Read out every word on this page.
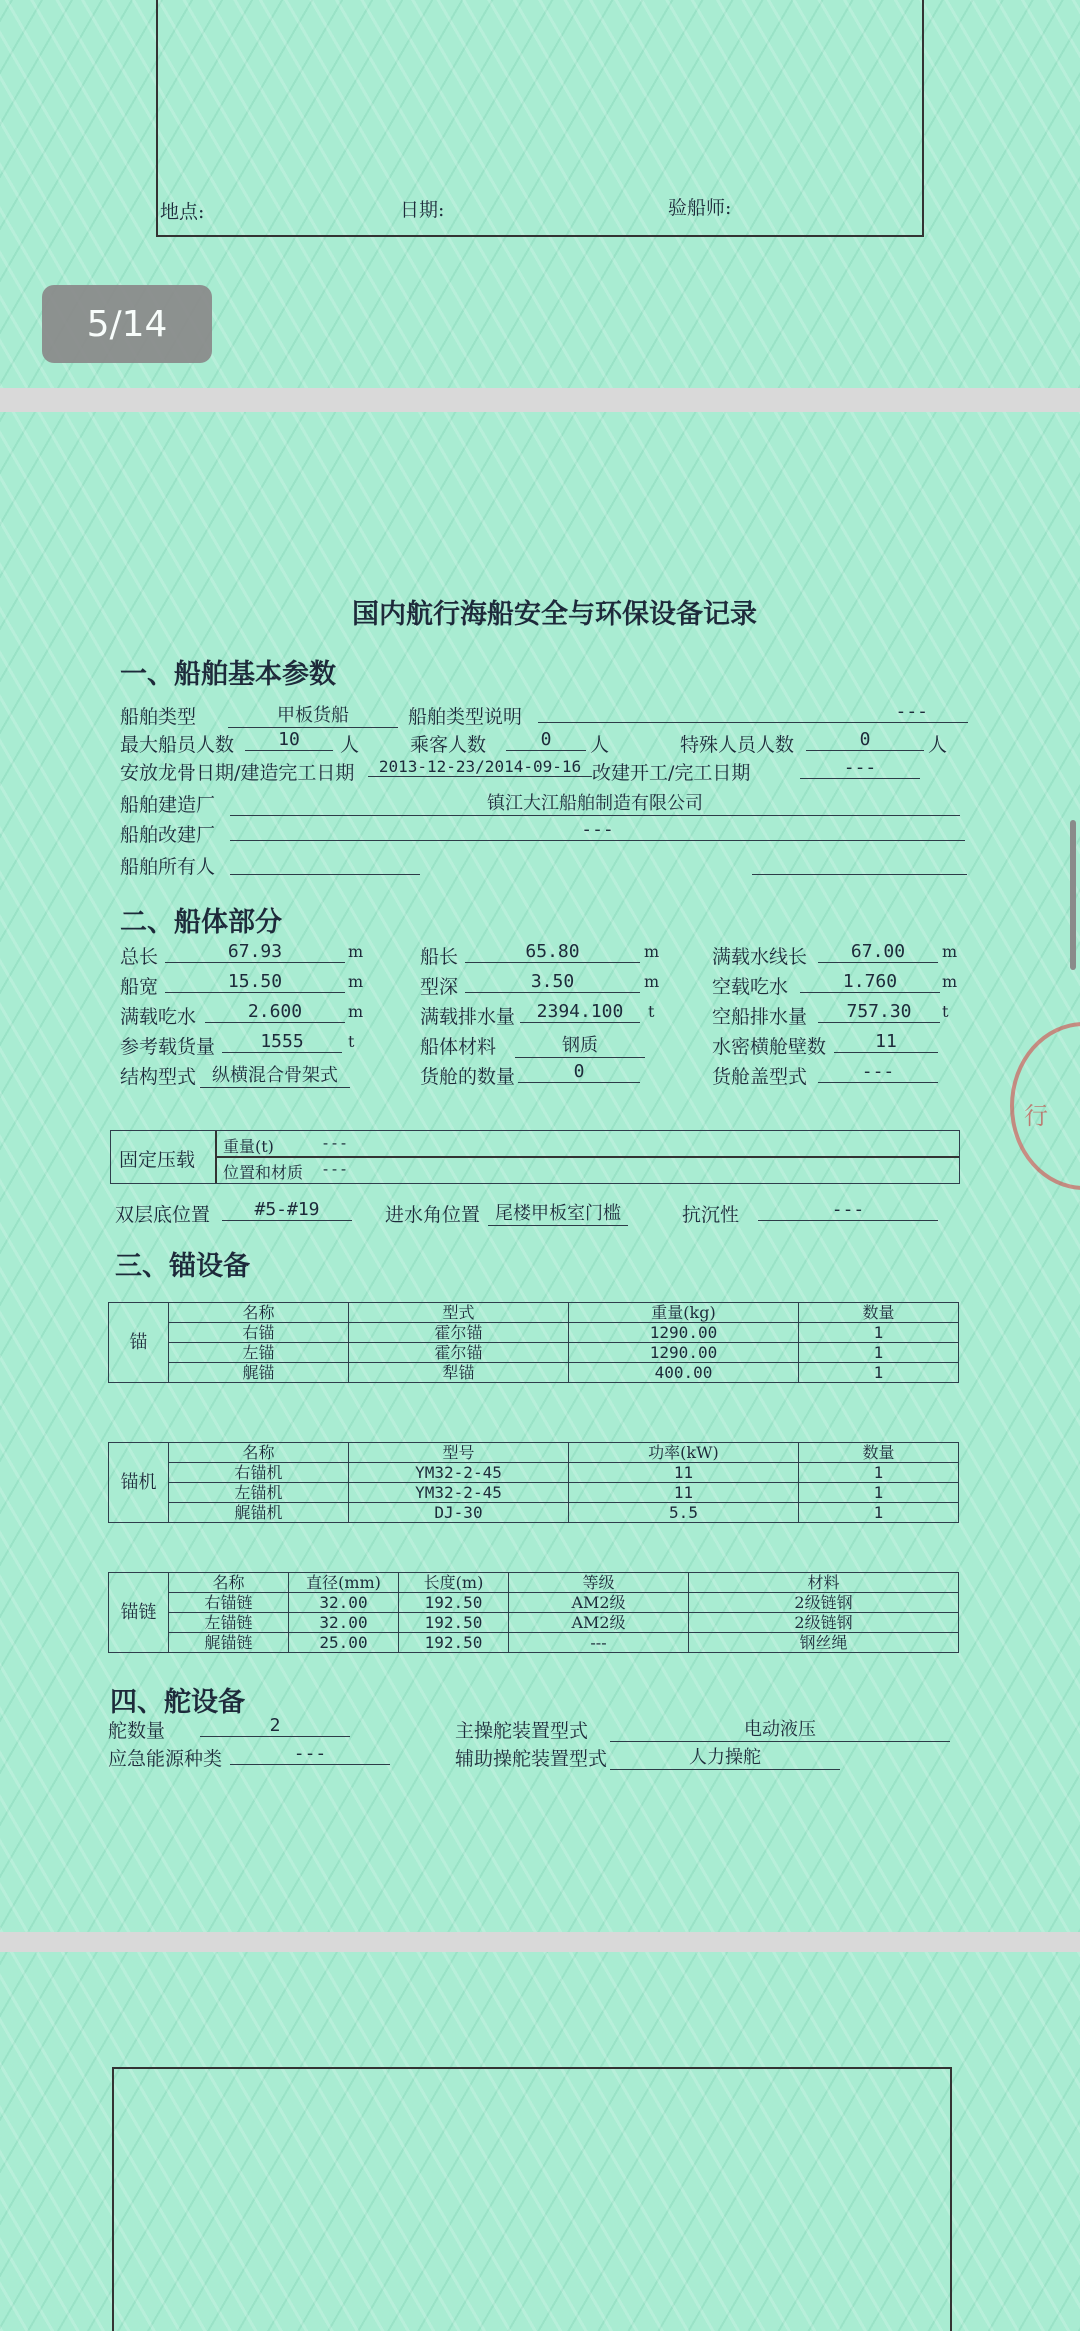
地点:	日期:	验船师:
5/14
国内航行海船安全与环保设备记录
一、船舶基本参数
船舶类型	甲板货船	船舶类型说明	---
最大船员人数	10	人	乘客人数	0	人	特殊人员人数	0	人
安放龙骨日期/建造完工日期	2013-12-23/2014-09-16 改建开工/完工日期	---
船舶建造厂	镇江大江船舶制造有限公司
船舶改建厂	---
船舶所有人
二、船体部分
总长	67.93	m	船长	65.80	m	满载水线长	67.00	m
船宽	15.50	m	型深	3.50	m	空载吃水	1.760	m
满载吃水	2.600	m	满载排水量	2394.100	t	空船排水量	757.30	t
参考载货量	1555	t	船体材料	钢质	水密横舱壁数	11
结构型式 纵横混合骨架式	货舱的数量	0	货舱盖型式	---
固定压载
重量(t)	---
位置和材质 ---
双层底位置	#5-#19	进水角位置 尾楼甲板室门槛	抗沉性	---
三、锚设备
锚	名称	型式	重量(kg)	数量
	右锚	霍尔锚	1290.00	1
	左锚	霍尔锚	1290.00	1
	艉锚	犁锚	400.00	1
锚机	名称	型号	功率(kW)	数量
	右锚机	YM32-2-45	11	1
	左锚机	YM32-2-45	11	1
	艉锚机	DJ-30	5.5	1
锚链	名称	直径(mm)	长度(m)	等级	材料
	右锚链	32.00	192.50	AM2级	2级链钢
	左锚链	32.00	192.50	AM2级	2级链钢
	艉锚链	25.00	192.50	---	钢丝绳
四、舵设备
舵数量	2	主操舵装置型式	电动液压
应急能源种类	---	辅助操舵装置型式	人力操舵
行
